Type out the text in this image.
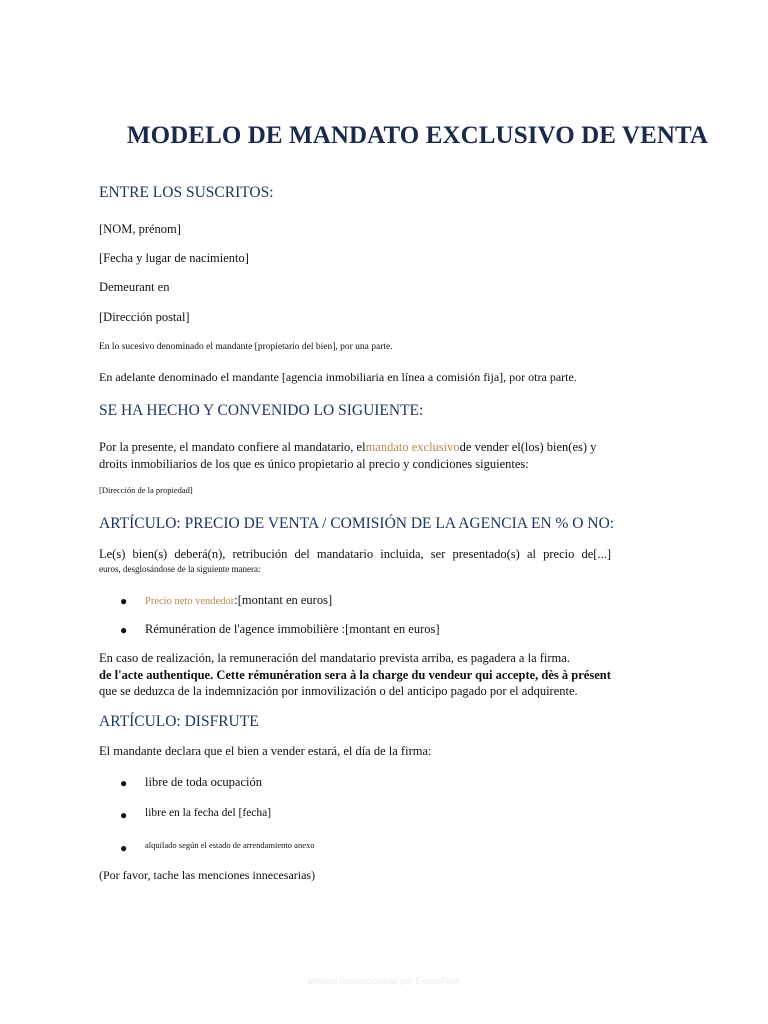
MODELO DE MANDATO EXCLUSIVO DE VENTA
ENTRE LOS SUSCRITOS:
[NOM, prénom]
[Fecha y lugar de nacimiento]
Demeurant en
[Dirección postal]
En lo sucesivo denominado el mandante [propietario del bien], por una parte.
En adelante denominado el mandante [agencia inmobiliaria en línea a comisión fija], por otra parte.
SE HA HECHO Y CONVENIDO LO SIGUIENTE:
Por la presente, el mandato confiere al mandatario, elmandato exclusivode vender el(los) bien(es) y
droits inmobiliarios de los que es único propietario al precio y condiciones siguientes:
[Dirección de la propiedad]
ARTÍCULO: PRECIO DE VENTA / COMISIÓN DE LA AGENCIA EN % O NO:
Le(s) bien(s) deberá(n), retribución del mandatario incluida, ser presentado(s) al precio de[...]
euros, desglosándose de la siguiente manera:
● Precio neto vendedor:[montant en euros]
● Rémunération de l'agence immobilière :[montant en euros]
En caso de realización, la remuneración del mandatario prevista arriba, es pagadera a la firma.
de l'acte authentique. Cette rémunération sera à la charge du vendeur qui accepte, dès à présent
que se deduzca de la indemnización por inmovilización o del anticipo pagado por el adquirente.
ARTÍCULO: DISFRUTE
El mandante declara que el bien a vender estará, el día de la firma:
● libre de toda ocupación
● libre en la fecha del [fecha]
● alquilado según el estado de arrendamiento anexo
(Por favor, tache las menciones innecesarias)
Modelo proporcionado por ExpertFlow
